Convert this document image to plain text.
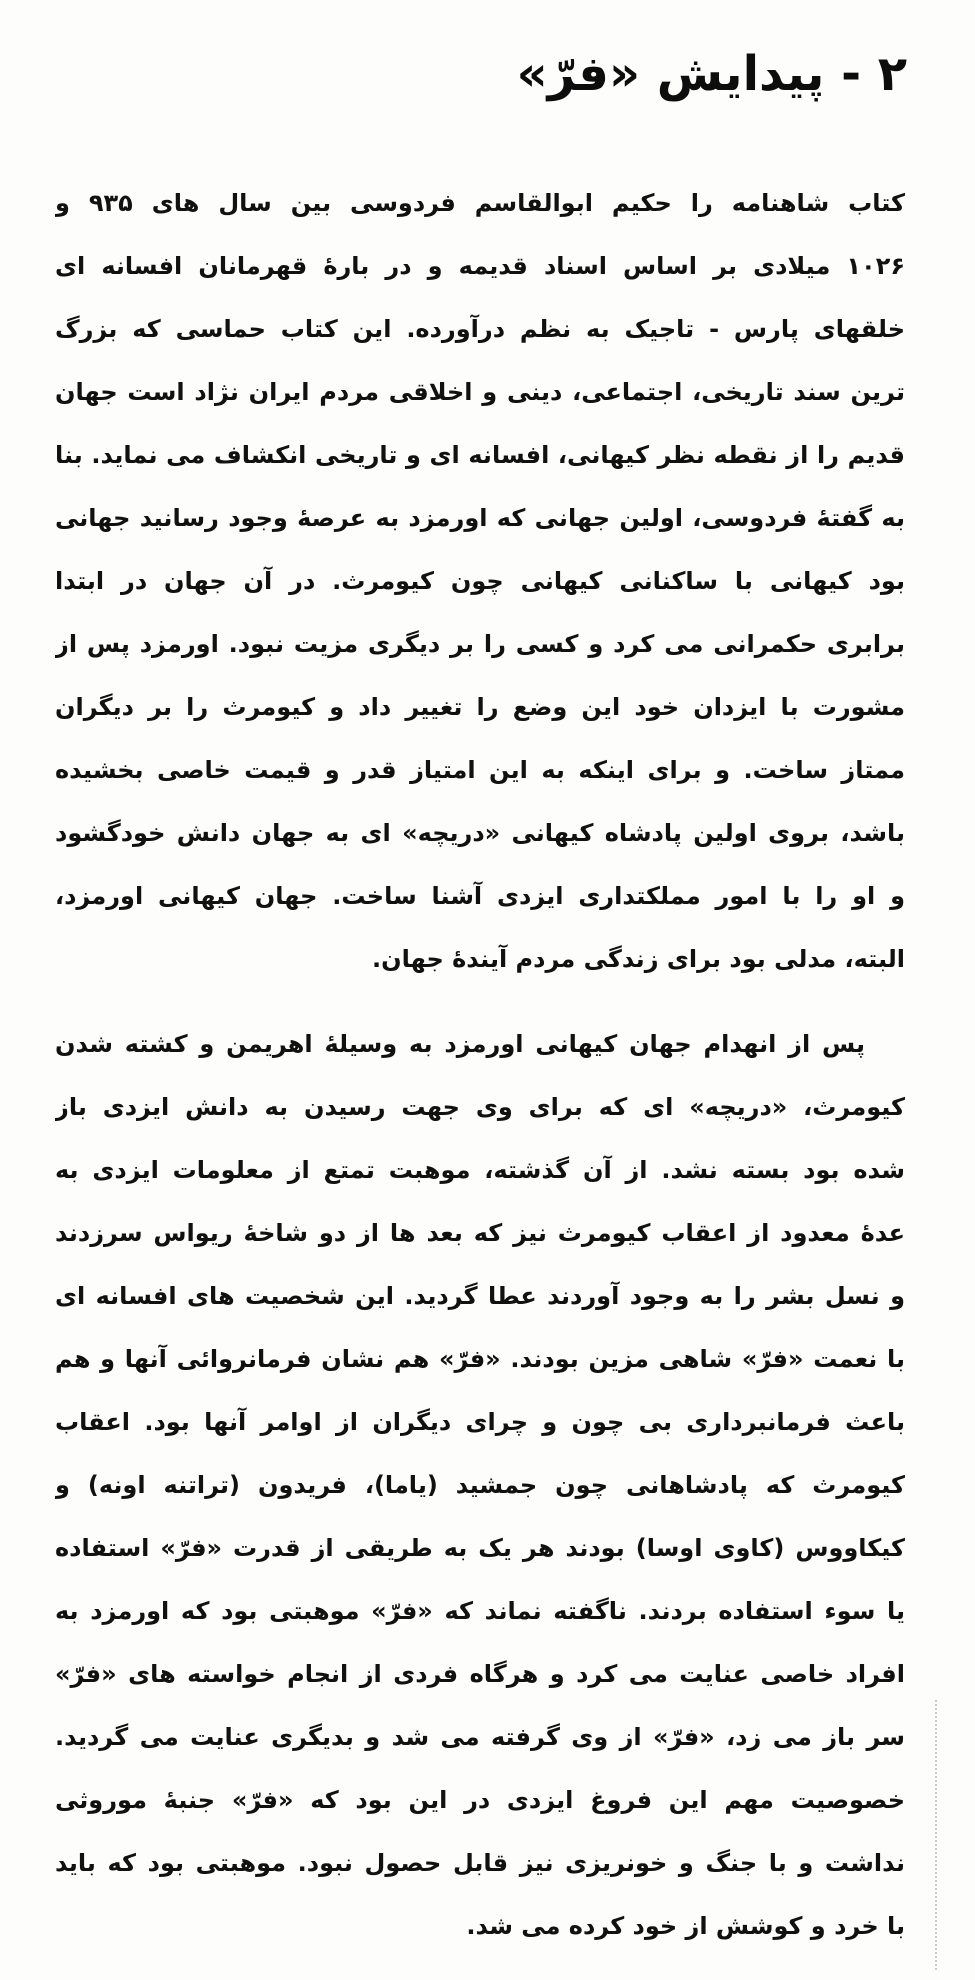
۲ - پیدایش «فرّ»
کتاب شاهنامه را حکیم ابوالقاسم فردوسی بین سال های ۹۳۵ و
۱۰۲۶ میلادی بر اساس اسناد قدیمه و در بارهٔ قهرمانان افسانه ای
خلقهای پارس - تاجیک به نظم درآورده. این کتاب حماسی که بزرگ
ترین سند تاریخی، اجتماعی، دینی و اخلاقی مردم ایران نژاد است جهان
قدیم را از نقطه نظر کیهانی، افسانه ای و تاریخی انکشاف می نماید. بنا
به گفتهٔ فردوسی، اولین جهانی که اورمزد به عرصهٔ وجود رسانید جهانی
بود کیهانی با ساکنانی کیهانی چون کیومرث. در آن جهان در ابتدا
برابری حکمرانی می کرد و کسی را بر دیگری مزیت نبود. اورمزد پس از
مشورت با ایزدان خود این وضع را تغییر داد و کیومرث را بر دیگران
ممتاز ساخت. و برای اینکه به این امتیاز قدر و قیمت خاصی بخشیده
باشد، بروی اولین پادشاه کیهانی «دریچه» ای به جهان دانش خودگشود
و او را با امور مملکتداری ایزدی آشنا ساخت. جهان کیهانی اورمزد،
البته، مدلی بود برای زندگی مردم آیندهٔ جهان.
پس از انهدام جهان کیهانی اورمزد به وسیلهٔ اهریمن و کشته شدن
کیومرث، «دریچه» ای که برای وی جهت رسیدن به دانش ایزدی باز
شده بود بسته نشد. از آن گذشته، موهبت تمتع از معلومات ایزدی به
عدهٔ معدود از اعقاب کیومرث نیز که بعد ها از دو شاخهٔ ریواس سرزدند
و نسل بشر را به وجود آوردند عطا گردید. این شخصیت های افسانه ای
با نعمت «فرّ» شاهی مزین بودند. «فرّ» هم نشان فرمانروائی آنها و هم
باعث فرمانبرداری بی چون و چرای دیگران از اوامر آنها بود. اعقاب
کیومرث که پادشاهانی چون جمشید (یاما)، فریدون (تراتنه اونه) و
کیکاووس (کاوی اوسا) بودند هر یک به طریقی از قدرت «فرّ» استفاده
یا سوء استفاده بردند. ناگفته نماند که «فرّ» موهبتی بود که اورمزد به
افراد خاصی عنایت می کرد و هرگاه فردی از انجام خواسته های «فرّ»
سر باز می زد، «فرّ» از وی گرفته می شد و بدیگری عنایت می گردید.
خصوصیت مهم این فروغ ایزدی در این بود که «فرّ» جنبهٔ موروثی
نداشت و با جنگ و خونریزی نیز قابل حصول نبود. موهبتی بود که باید
با خرد و کوشش از خود کرده می شد.
